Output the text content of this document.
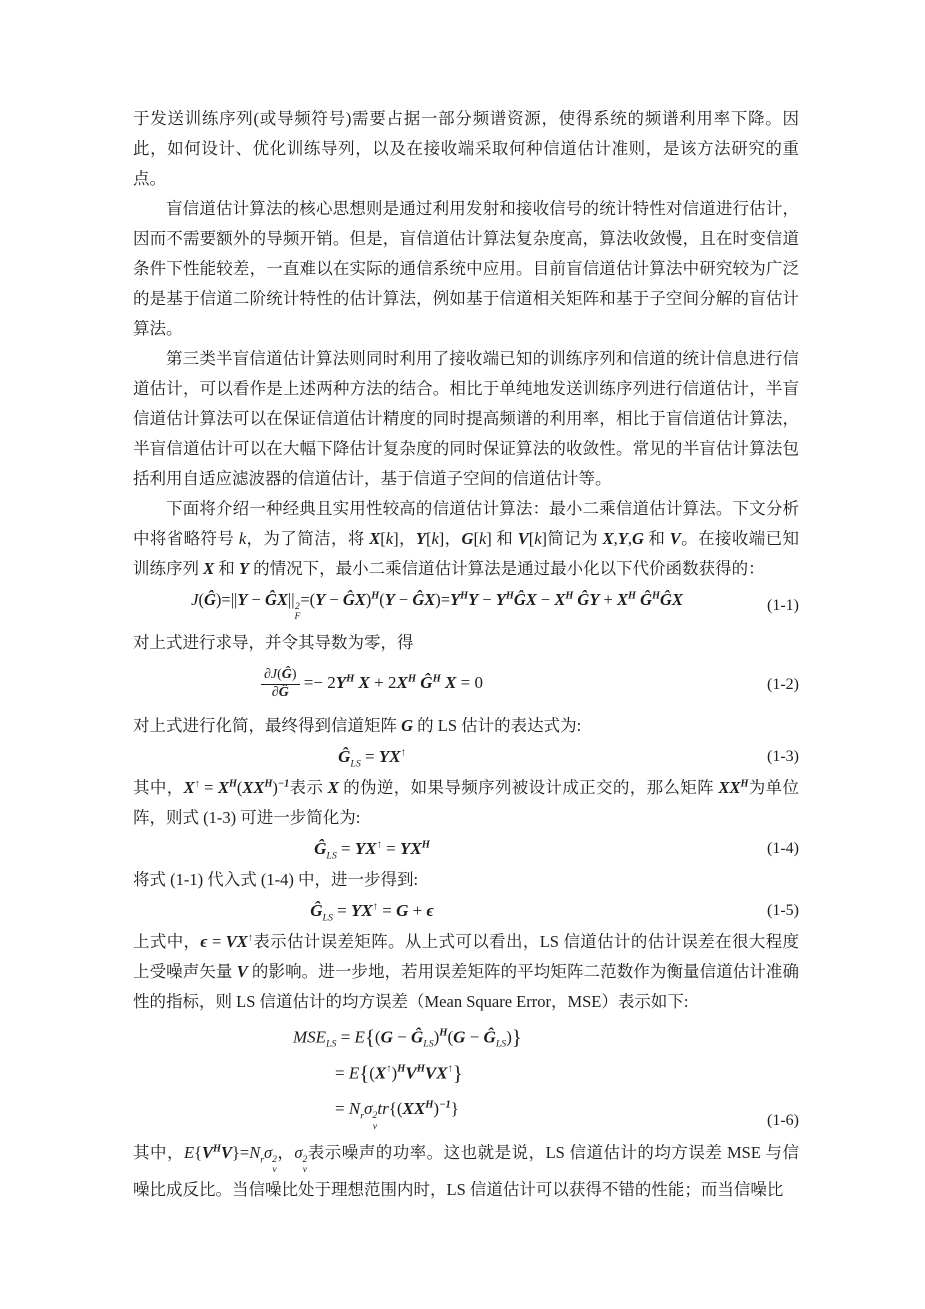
于发送训练序列(或导频符号)需要占据一部分频谱资源，使得系统的频谱利用率下降。因此，如何设计、优化训练导列，以及在接收端采取何种信道估计准则，是该方法研究的重点。

盲信道估计算法的核心思想则是通过利用发射和接收信号的统计特性对信道进行估计，因而不需要额外的导频开销。但是，盲信道估计算法复杂度高，算法收敛慢，且在时变信道条件下性能较差，一直难以在实际的通信系统中应用。目前盲信道估计算法中研究较为广泛的是基于信道二阶统计特性的估计算法，例如基于信道相关矩阵和基于子空间分解的盲估计算法。

第三类半盲信道估计算法则同时利用了接收端已知的训练序列和信道的统计信息进行信道估计，可以看作是上述两种方法的结合。相比于单纯地发送训练序列进行信道估计，半盲信道估计算法可以在保证信道估计精度的同时提高频谱的利用率，相比于盲信道估计算法，半盲信道估计可以在大幅下降估计复杂度的同时保证算法的收敛性。常见的半盲估计算法包括利用自适应滤波器的信道估计，基于信道子空间的信道估计等。

下面将介绍一种经典且实用性较高的信道估计算法：最小二乘信道估计算法。下文分析中将省略符号 k，为了简洁，将 X[k]，Y[k]，G[k] 和 V[k]简记为 X,Y,G 和 V。在接收端已知训练序列 X 和 Y 的情况下，最小二乘信道估计算法是通过最小化以下代价函数获得的：

J(Ĝ)=||Y − ĜX|| 2
F
=(Y − ĜX)$^H$(Y − $ĜX)=Y^HY$ − $Y^HĜX - X^H$ ĜY + $X^H$ $Ĝ^HĜX$	(1-1)

对上式进行求导，并令其导数为零，得

$\frac{\partial J(Ĝ)}{\partial Ĝ} =- 2Y^H$ $X + 2X^H$ $Ĝ^H$ X = 0	(1-2)

对上式进行化简，最终得到信道矩阵 G 的 LS 估计的表达式为:

$Ĝ_{LS} = YX^↑$	(1-3)

其中，$X^↑ = X^H(XX^H)^{-1}$表示 X 的伪逆，如果导频序列被设计成正交的，那么矩阵 $XX^H$为单位阵，则式 (1-3) 可进一步简化为:

$Ĝ_{LS} = YX^↑ = YX^H$	(1-4)

将式 (1-1) 代入式 (1-4) 中，进一步得到:

$Ĝ_{LS} = YX^↑ = G + \epsilon$	(1-5)

上式中，ϵ = VX↑表示估计误差矩阵。从上式可以看出，LS 信道估计的估计误差在很大程度上受噪声矢量 V 的影响。进一步地，若用误差矩阵的平均矩阵二范数作为衡量信道估计准确性的指标，则 LS 信道估计的均方误差（Mean Square Error，MSE）表示如下:

$MSE_{LS} = E\{(G$ − $Ĝ_{LS})^H(G$ − $Ĝ_{LS}$)}
= $E\{(X^↑)^HV^HVX^↑\}$
= $N_r\sigma$ 2
v
$tr\{(XX^H)^{-1}\}$
(1-6)

其中，$E\{V^HV\}=N_r\sigma$ 2
v
，σ 2
v
表示噪声的功率。这也就是说，LS 信道估计的均方误差 MSE 与信噪比成反比。当信噪比处于理想范围内时，LS 信道估计可以获得不错的性能；而当信噪比
